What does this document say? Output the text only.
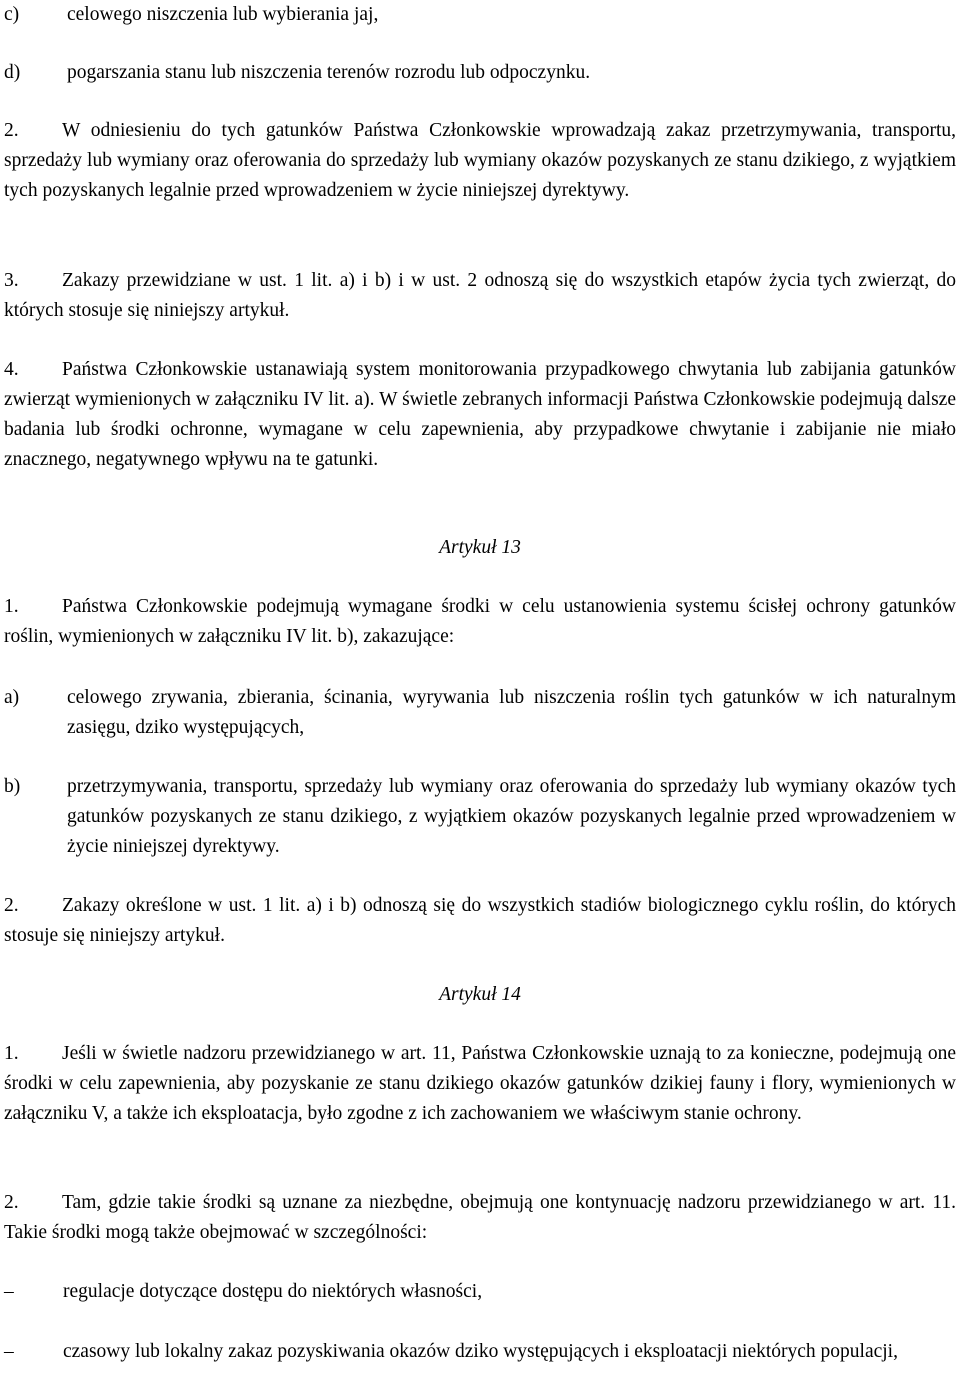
c)	celowego niszczenia lub wybierania jaj,
d)	pogarszania stanu lub niszczenia terenów rozrodu lub odpoczynku.

2. W odniesieniu do tych gatunków Państwa Członkowskie wprowadzają zakaz przetrzymywania, transportu, sprzedaży lub wymiany oraz oferowania do sprzedaży lub wymiany okazów pozyskanych ze stanu dzikiego, z wyjątkiem tych pozyskanych legalnie przed wprowadzeniem w życie niniejszej dyrektywy.

3. Zakazy przewidziane w ust. 1 lit. a) i b) i w ust. 2 odnoszą się do wszystkich etapów życia tych zwierząt, do których stosuje się niniejszy artykuł.

4. Państwa Członkowskie ustanawiają system monitorowania przypadkowego chwytania lub zabijania gatunków zwierząt wymienionych w załączniku IV lit. a). W świetle zebranych informacji Państwa Członkowskie podejmują dalsze badania lub środki ochronne, wymagane w celu zapewnienia, aby przypadkowe chwytanie i zabijanie nie miało znacznego, negatywnego wpływu na te gatunki.

Artykuł 13

1. Państwa Członkowskie podejmują wymagane środki w celu ustanowienia systemu ścisłej ochrony gatunków roślin, wymienionych w załączniku IV lit. b), zakazujące:

a)	celowego zrywania, zbierania, ścinania, wyrywania lub niszczenia roślin tych gatunków w ich naturalnym zasięgu, dziko występujących,
b)	przetrzymywania, transportu, sprzedaży lub wymiany oraz oferowania do sprzedaży lub wymiany okazów tych gatunków pozyskanych ze stanu dzikiego, z wyjątkiem okazów pozyskanych legalnie przed wprowadzeniem w życie niniejszej dyrektywy.

2. Zakazy określone w ust. 1 lit. a) i b) odnoszą się do wszystkich stadiów biologicznego cyklu roślin, do których stosuje się niniejszy artykuł.

Artykuł 14

1. Jeśli w świetle nadzoru przewidzianego w art. 11, Państwa Członkowskie uznają to za konieczne, podejmują one środki w celu zapewnienia, aby pozyskanie ze stanu dzikiego okazów gatunków dzikiej fauny i flory, wymienionych w załączniku V, a także ich eksploatacja, było zgodne z ich zachowaniem we właściwym stanie ochrony.

2. Tam, gdzie takie środki są uznane za niezbędne, obejmują one kontynuację nadzoru przewidzianego w art. 11. Takie środki mogą także obejmować w szczególności:

–	regulacje dotyczące dostępu do niektórych własności,
–	czasowy lub lokalny zakaz pozyskiwania okazów dziko występujących i eksploatacji niektórych populacji,
